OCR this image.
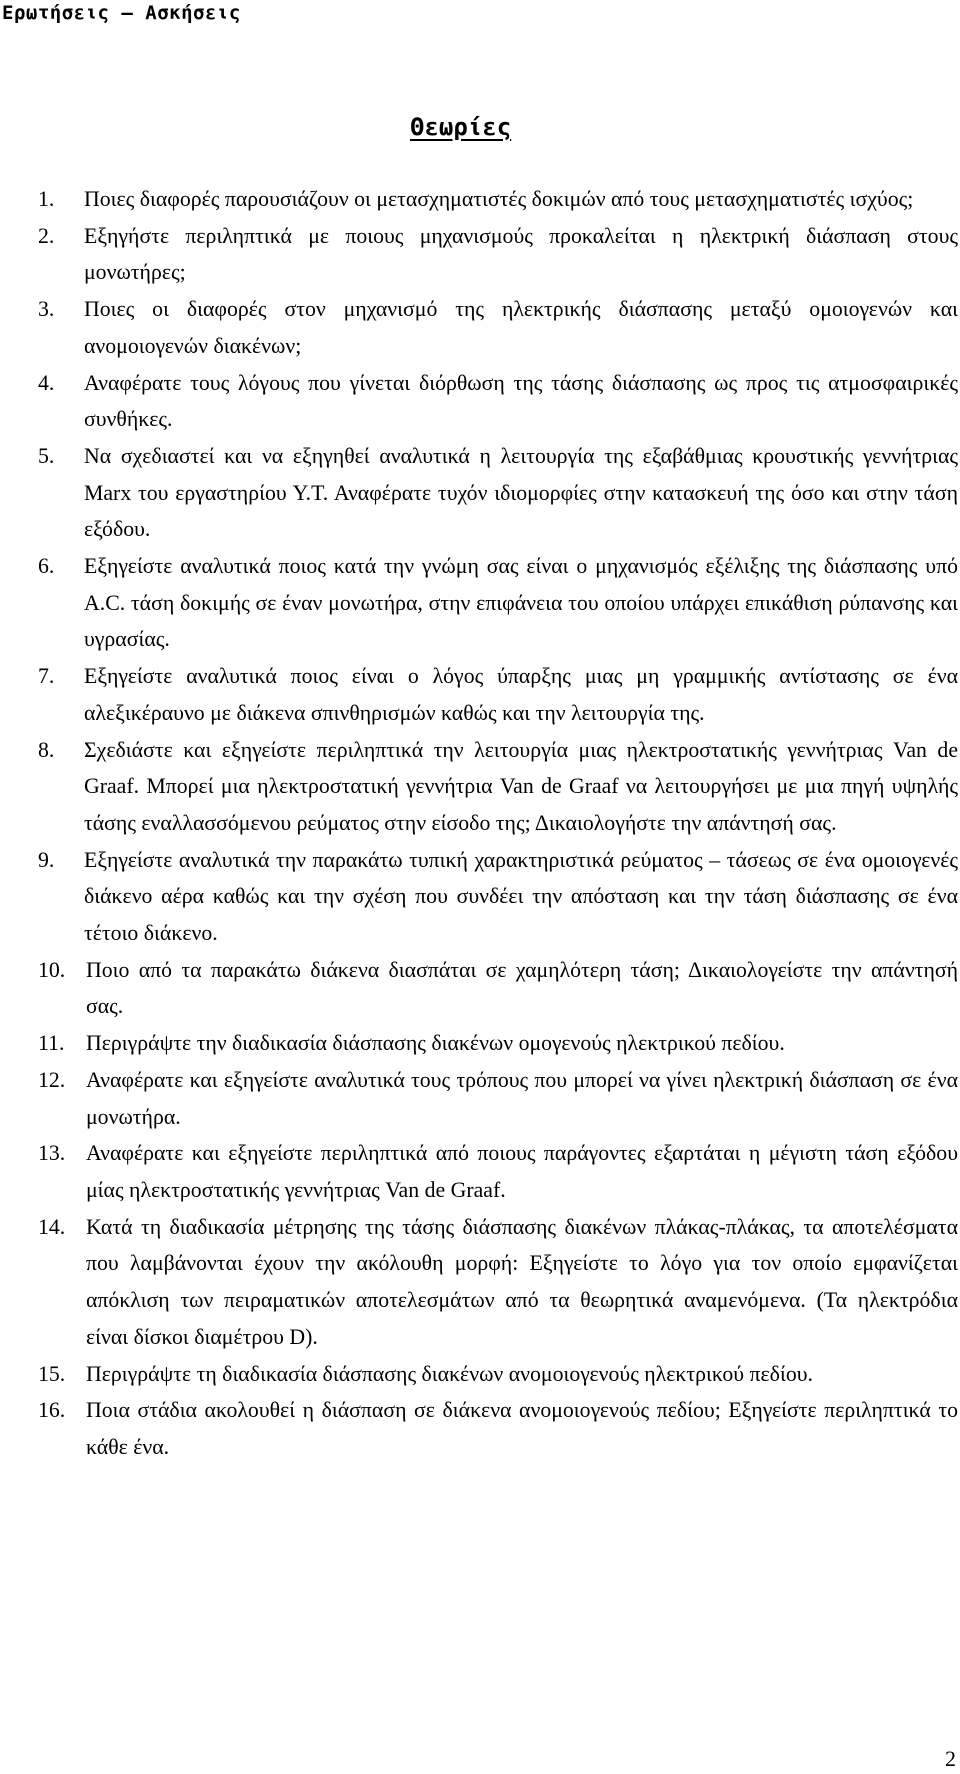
Ερωτήσεις – Ασκήσεις
Θεωρίες
1.	Ποιες διαφορές παρουσιάζουν οι μετασχηματιστές δοκιμών από τους μετασχηματιστές ισχύος;
2.	Εξηγήστε περιληπτικά με ποιους μηχανισμούς προκαλείται η ηλεκτρική διάσπαση στους μονωτήρες;
3.	Ποιες οι διαφορές στον μηχανισμό της ηλεκτρικής διάσπασης μεταξύ ομοιογενών και ανομοιογενών διακένων;
4.	Αναφέρατε τους λόγους που γίνεται διόρθωση της τάσης διάσπασης ως προς τις ατμοσφαιρικές συνθήκες.
5.	Να σχεδιαστεί και να εξηγηθεί αναλυτικά η λειτουργία της εξαβάθμιας κρουστικής γεννήτριας Marx του εργαστηρίου Υ.Τ. Αναφέρατε τυχόν ιδιομορφίες στην κατασκευή της όσο και στην τάση εξόδου.
6.	Εξηγείστε αναλυτικά ποιος κατά την γνώμη σας είναι ο μηχανισμός εξέλιξης της διάσπασης υπό A.C. τάση δοκιμής σε έναν μονωτήρα, στην επιφάνεια του οποίου υπάρχει επικάθιση ρύπανσης και υγρασίας.
7.	Εξηγείστε αναλυτικά ποιος είναι ο λόγος ύπαρξης μιας μη γραμμικής αντίστασης σε ένα αλεξικέραυνο με διάκενα σπινθηρισμών καθώς και την λειτουργία της.
8.	Σχεδιάστε και εξηγείστε περιληπτικά την λειτουργία μιας ηλεκτροστατικής γεννήτριας Van de Graaf. Μπορεί μια ηλεκτροστατική γεννήτρια Van de Graaf να λειτουργήσει με μια πηγή υψηλής τάσης εναλλασσόμενου ρεύματος στην είσοδο της; Δικαιολογήστε την απάντησή σας.
9.	Εξηγείστε αναλυτικά την παρακάτω τυπική χαρακτηριστικά ρεύματος – τάσεως σε ένα ομοιογενές διάκενο αέρα καθώς και την σχέση που συνδέει την απόσταση και την τάση διάσπασης σε ένα τέτοιο διάκενο.
10. Ποιο από τα παρακάτω διάκενα διασπάται σε χαμηλότερη τάση; Δικαιολογείστε την απάντησή σας.
11. Περιγράψτε την διαδικασία διάσπασης διακένων ομογενούς ηλεκτρικού πεδίου.
12. Αναφέρατε και εξηγείστε αναλυτικά τους τρόπους που μπορεί να γίνει ηλεκτρική διάσπαση σε ένα μονωτήρα.
13. Αναφέρατε και εξηγείστε περιληπτικά από ποιους παράγοντες εξαρτάται η μέγιστη τάση εξόδου μίας ηλεκτροστατικής γεννήτριας Van de Graaf.
14. Κατά τη διαδικασία μέτρησης της τάσης διάσπασης διακένων πλάκας-πλάκας, τα αποτελέσματα που λαμβάνονται έχουν την ακόλουθη μορφή: Εξηγείστε το λόγο για τον οποίο εμφανίζεται απόκλιση των πειραματικών αποτελεσμάτων από τα θεωρητικά αναμενόμενα. (Τα ηλεκτρόδια είναι δίσκοι διαμέτρου D).
15. Περιγράψτε τη διαδικασία διάσπασης διακένων ανομοιογενούς ηλεκτρικού πεδίου.
16. Ποια στάδια ακολουθεί η διάσπαση σε διάκενα ανομοιογενούς πεδίου; Εξηγείστε περιληπτικά το κάθε ένα.
2
